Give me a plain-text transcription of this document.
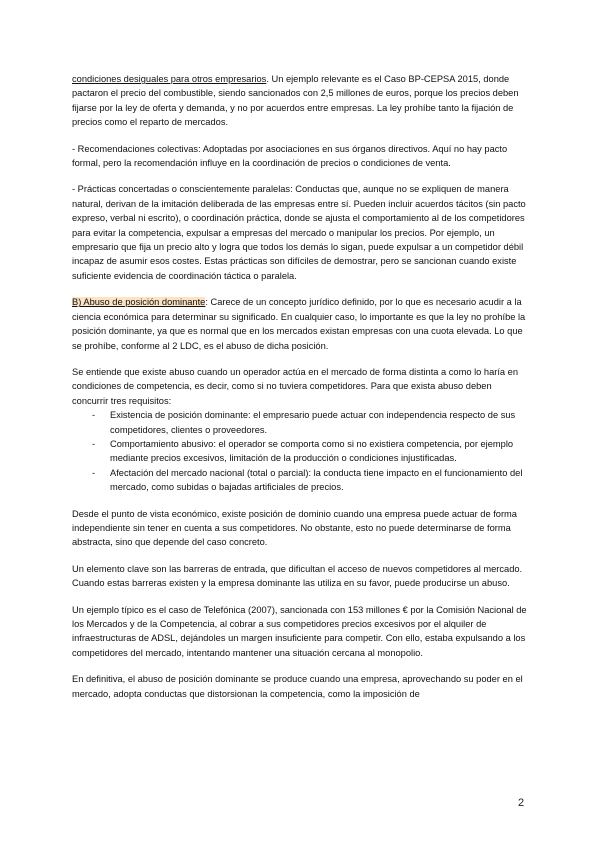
condiciones desiguales para otros empresarios. Un ejemplo relevante es el Caso BP-CEPSA 2015, donde pactaron el precio del combustible, siendo sancionados con 2,5 millones de euros, porque los precios deben fijarse por la ley de oferta y demanda, y no por acuerdos entre empresas. La ley prohíbe tanto la fijación de precios como el reparto de mercados.

- Recomendaciones colectivas: Adoptadas por asociaciones en sus órganos directivos. Aquí no hay pacto formal, pero la recomendación influye en la coordinación de precios o condiciones de venta.

- Prácticas concertadas o conscientemente paralelas: Conductas que, aunque no se expliquen de manera natural, derivan de la imitación deliberada de las empresas entre sí. Pueden incluir acuerdos tácitos (sin pacto expreso, verbal ni escrito), o coordinación práctica, donde se ajusta el comportamiento al de los competidores para evitar la competencia, expulsar a empresas del mercado o manipular los precios. Por ejemplo, un empresario que fija un precio alto y logra que todos los demás lo sigan, puede expulsar a un competidor débil incapaz de asumir esos costes. Estas prácticas son difíciles de demostrar, pero se sancionan cuando existe suficiente evidencia de coordinación táctica o paralela.

B) Abuso de posición dominante: Carece de un concepto jurídico definido, por lo que es necesario acudir a la ciencia económica para determinar su significado. En cualquier caso, lo importante es que la ley no prohíbe la posición dominante, ya que es normal que en los mercados existan empresas con una cuota elevada. Lo que se prohíbe, conforme al 2 LDC, es el abuso de dicha posición.

Se entiende que existe abuso cuando un operador actúa en el mercado de forma distinta a como lo haría en condiciones de competencia, es decir, como si no tuviera competidores. Para que exista abuso deben concurrir tres requisitos:

- Existencia de posición dominante: el empresario puede actuar con independencia respecto de sus competidores, clientes o proveedores.
- Comportamiento abusivo: el operador se comporta como si no existiera competencia, por ejemplo mediante precios excesivos, limitación de la producción o condiciones injustificadas.
- Afectación del mercado nacional (total o parcial): la conducta tiene impacto en el funcionamiento del mercado, como subidas o bajadas artificiales de precios.

Desde el punto de vista económico, existe posición de dominio cuando una empresa puede actuar de forma independiente sin tener en cuenta a sus competidores. No obstante, esto no puede determinarse de forma abstracta, sino que depende del caso concreto.

Un elemento clave son las barreras de entrada, que dificultan el acceso de nuevos competidores al mercado. Cuando estas barreras existen y la empresa dominante las utiliza en su favor, puede producirse un abuso.

Un ejemplo típico es el caso de Telefónica (2007), sancionada con 153 millones € por la Comisión Nacional de los Mercados y de la Competencia, al cobrar a sus competidores precios excesivos por el alquiler de infraestructuras de ADSL, dejándoles un margen insuficiente para competir. Con ello, estaba expulsando a los competidores del mercado, intentando mantener una situación cercana al monopolio.

En definitiva, el abuso de posición dominante se produce cuando una empresa, aprovechando su poder en el mercado, adopta conductas que distorsionan la competencia, como la imposición de

2
